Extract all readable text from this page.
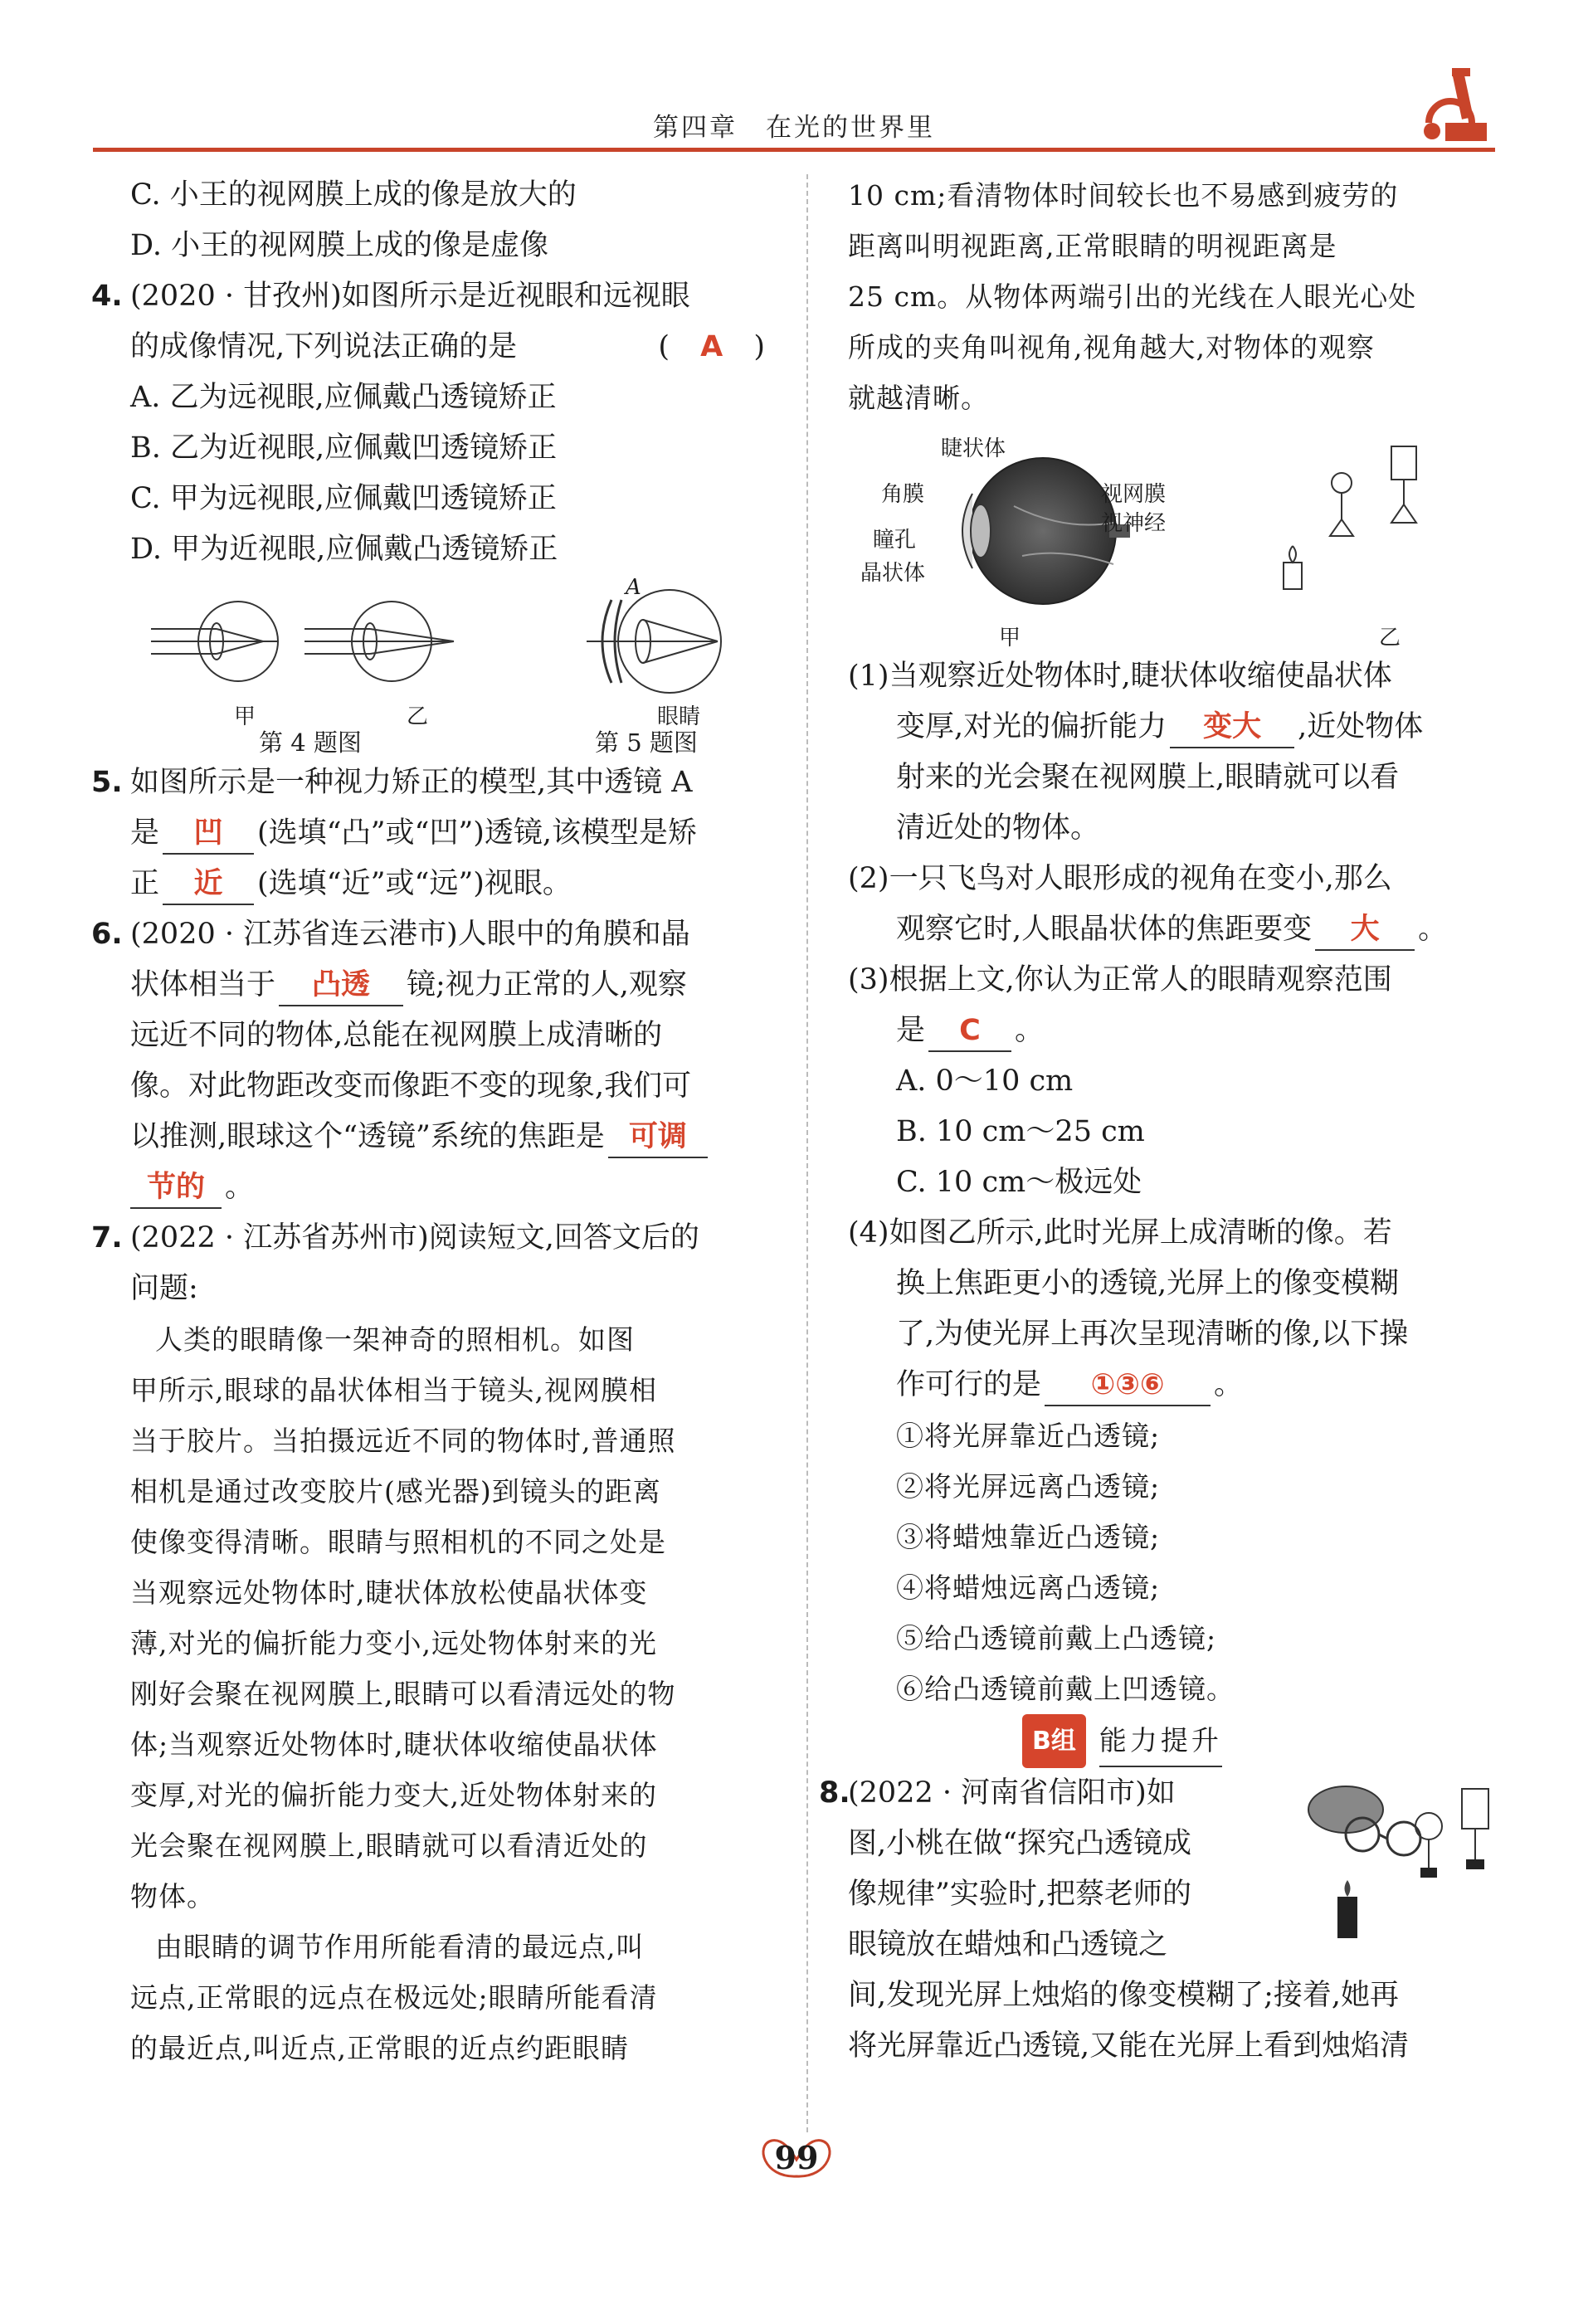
第四章　在光的世界里
C. 小王的视网膜上成的像是放大的
D. 小王的视网膜上成的像是虚像
4. (2020 · 甘孜州)如图所示是近视眼和远视眼
的成像情况,下列说法正确的是	( A )
A. 乙为远视眼,应佩戴凸透镜矫正
B. 乙为近视眼,应佩戴凹透镜矫正
C. 甲为远视眼,应佩戴凹透镜矫正
D. 甲为近视眼,应佩戴凸透镜矫正
甲	乙
第 4 题图
A
眼睛
第 5 题图
5. 如图所示是一种视力矫正的模型,其中透镜 A
是 凹 (选填“凸”或“凹”)透镜,该模型是矫
正 近 (选填“近”或“远”)视眼。
6. (2020 · 江苏省连云港市)人眼中的角膜和晶
状体相当于 凸透 镜;视力正常的人,观察
远近不同的物体,总能在视网膜上成清晰的
像。对此物距改变而像距不变的现象,我们可
以推测,眼球这个“透镜”系统的焦距是 可调
节的 。
7. (2022 · 江苏省苏州市)阅读短文,回答文后的
问题:
人类的眼睛像一架神奇的照相机。如图
甲所示,眼球的晶状体相当于镜头,视网膜相
当于胶片。当拍摄远近不同的物体时,普通照
相机是通过改变胶片(感光器)到镜头的距离
使像变得清晰。眼睛与照相机的不同之处是
当观察远处物体时,睫状体放松使晶状体变
薄,对光的偏折能力变小,远处物体射来的光
刚好会聚在视网膜上,眼睛可以看清远处的物
体;当观察近处物体时,睫状体收缩使晶状体
变厚,对光的偏折能力变大,近处物体射来的
光会聚在视网膜上,眼睛就可以看清近处的
物体。
由眼睛的调节作用所能看清的最远点,叫
远点,正常眼的远点在极远处;眼睛所能看清
的最近点,叫近点,正常眼的近点约距眼睛
10 cm;看清物体时间较长也不易感到疲劳的
距离叫明视距离,正常眼睛的明视距离是
25 cm。从物体两端引出的光线在人眼光心处
所成的夹角叫视角,视角越大,对物体的观察
就越清晰。
睫状体
角膜
瞳孔
晶状体
视网膜
视神经
甲	乙
(1)当观察近处物体时,睫状体收缩使晶状体
变厚,对光的偏折能力 变大 ,近处物体
射来的光会聚在视网膜上,眼睛就可以看
清近处的物体。
(2)一只飞鸟对人眼形成的视角在变小,那么
观察它时,人眼晶状体的焦距要变 大 。
(3)根据上文,你认为正常人的眼睛观察范围
是 C 。
A. 0～10 cm
B. 10 cm～25 cm
C. 10 cm～极远处
(4)如图乙所示,此时光屏上成清晰的像。若
换上焦距更小的透镜,光屏上的像变模糊
了,为使光屏上再次呈现清晰的像,以下操
作可行的是 ①③⑥ 。
①将光屏靠近凸透镜;
②将光屏远离凸透镜;
③将蜡烛靠近凸透镜;
④将蜡烛远离凸透镜;
⑤给凸透镜前戴上凸透镜;
⑥给凸透镜前戴上凹透镜。
B组 能力提升
8.
(2022 · 河南省信阳市)如
图,小桃在做“探究凸透镜成
像规律”实验时,把蔡老师的
眼镜放在蜡烛和凸透镜之
间,发现光屏上烛焰的像变模糊了;接着,她再
将光屏靠近凸透镜,又能在光屏上看到烛焰清
99
